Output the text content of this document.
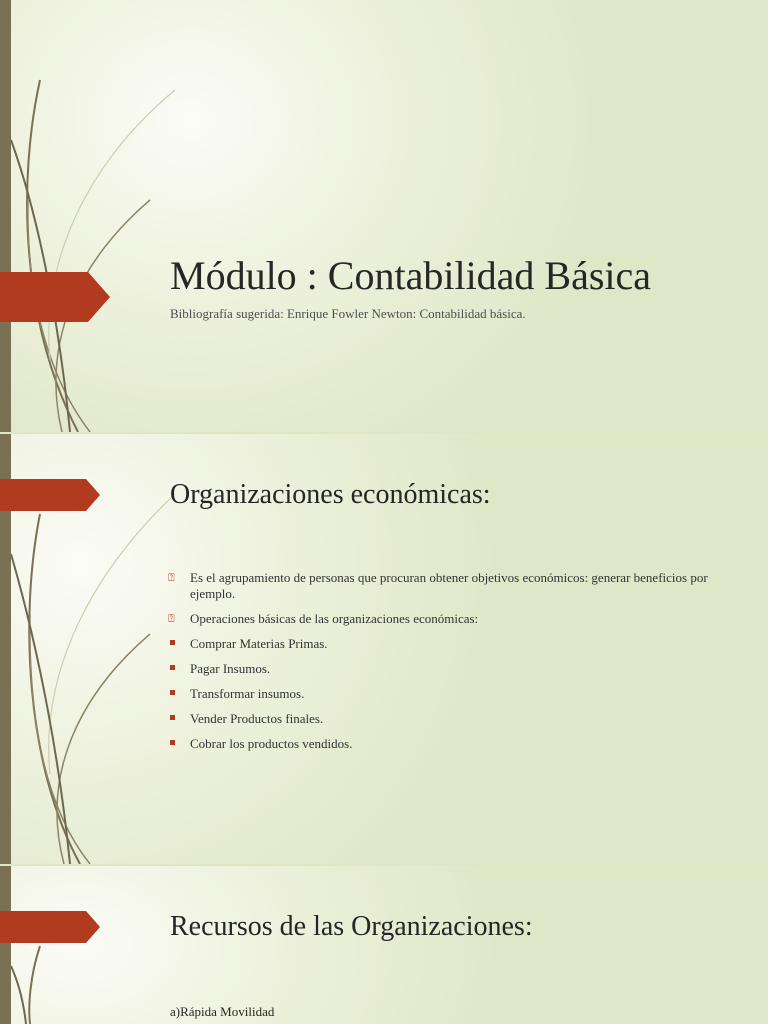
Módulo : Contabilidad Básica

Bibliografía sugerida: Enrique Fowler Newton: Contabilidad básica.

Organizaciones económicas:
⍰ Es el agrupamiento de personas que procuran obtener objetivos económicos: generar beneficios por ejemplo.
⍰ Operaciones básicas de las organizaciones económicas:
Comprar Materias Primas.
Pagar Insumos.
Transformar insumos.
Vender Productos finales.
Cobrar los productos vendidos.
Recursos de las Organizaciones:

a)Rápida Movilidad
